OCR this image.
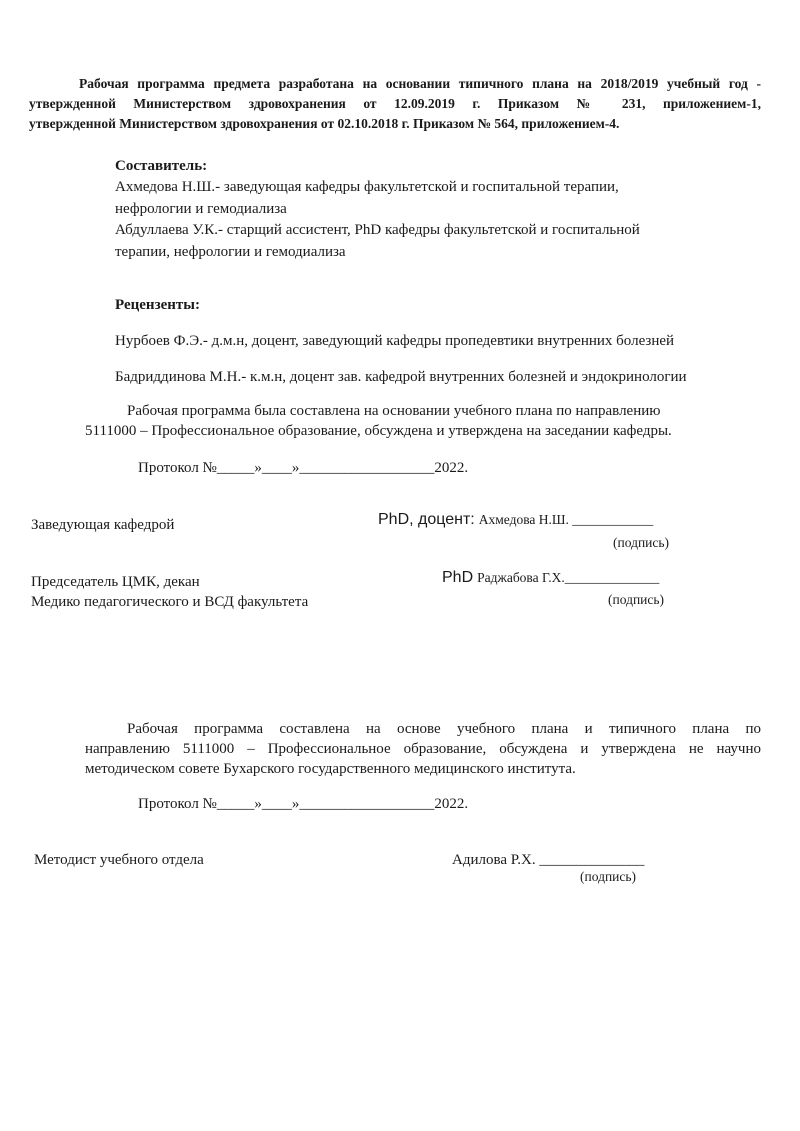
Рабочая программа предмета разработана на основании типичного плана на 2018/2019 учебный год -
утвержденной Министерством здровохранения от 12.09.2019 г. Приказом № 231, приложением-1,
утвержденной Министерством здровохранения от 02.10.2018 г. Приказом № 564, приложением-4.
Составитель:
Ахмедова Н.Ш.- заведующая кафедры факультетской и госпитальной терапии,
нефрологии и гемодиализа
Абдуллаева У.К.- старщий ассистент, PhD кафедры факультетской и госпитальной
терапии, нефрологии и гемодиализа
Рецензенты:
Нурбоев Ф.Э.- д.м.н, доцент, заведующий кафедры пропедевтики внутренних болезней
Бадриддинова М.Н.- к.м.н, доцент зав. кафедрой внутренних болезней и эндокринологии
Рабочая программа была составлена на основании учебного плана по направлению
5111000 – Профессиональное образование, обсуждена и утверждена на заседании кафедры.
Протокол №_____»____»__________________2022.
Заведующая кафедрой	PhD, доцент: Ахмедова Н.Ш. ____________
(подпись)
Председатель ЦМК, декан
Медико педагогического и ВСД факультета
PhD Раджабова Г.Х.______________
(подпись)
Рабочая программа составлена на основе учебного плана и типичного плана по
направлению 5111000 – Профессиональное образование, обсуждена и утверждена не научно
методическом совете Бухарского государственного медицинского института.
Протокол №_____»____»__________________2022.
Методист учебного отдела	Адилова Р.Х. ______________
(подпись)
